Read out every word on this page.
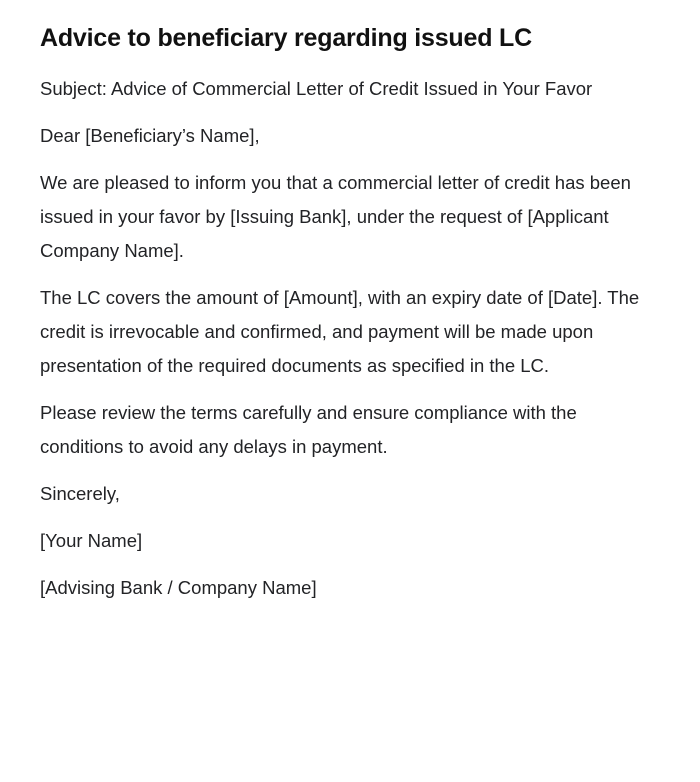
Advice to beneficiary regarding issued LC

Subject: Advice of Commercial Letter of Credit Issued in Your Favor

Dear [Beneficiary’s Name],

We are pleased to inform you that a commercial letter of credit has been issued in your favor by [Issuing Bank], under the request of [Applicant Company Name].

The LC covers the amount of [Amount], with an expiry date of [Date]. The credit is irrevocable and confirmed, and payment will be made upon presentation of the required documents as specified in the LC.

Please review the terms carefully and ensure compliance with the conditions to avoid any delays in payment.

Sincerely,

[Your Name]

[Advising Bank / Company Name]
